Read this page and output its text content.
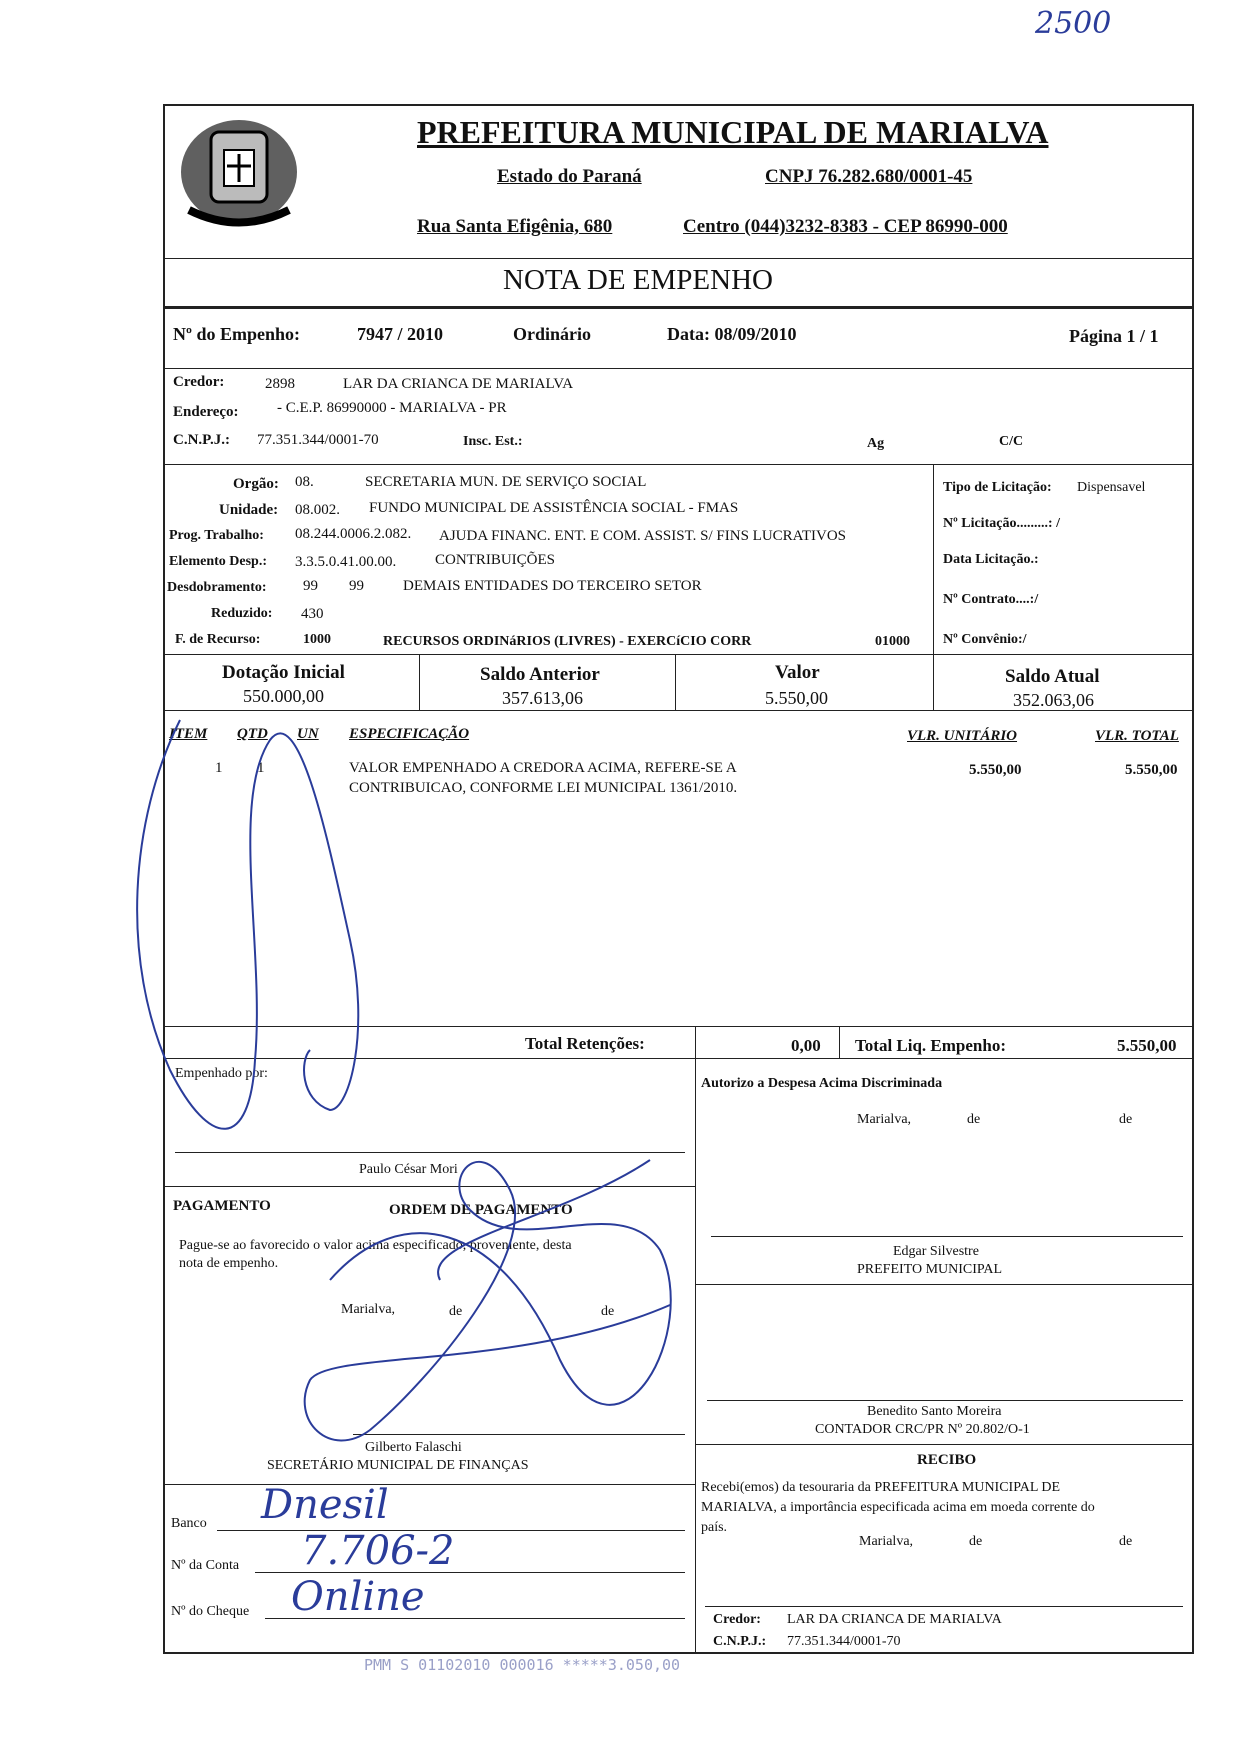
2500
PREFEITURA MUNICIPAL DE MARIALVA
Estado do Paraná	CNPJ 76.282.680/0001-45
Rua Santa Efigênia, 680	Centro (044)3232-8383 - CEP 86990-000
NOTA DE EMPENHO
Nº do Empenho:	7947 / 2010	Ordinário	Data: 08/09/2010	Página 1 / 1
Credor:	2898	LAR DA CRIANCA DE MARIALVA
Endereço:	- C.E.P. 86990000 - MARIALVA - PR
C.N.P.J.: 77.351.344/0001-70	Insc. Est.:	Ag	C/C
Orgão: 08.	SECRETARIA MUN. DE SERVIÇO SOCIAL
Unidade: 08.002. FUNDO MUNICIPAL DE ASSISTÊNCIA SOCIAL - FMAS
Prog. Trabalho: 08.244.0006.2.082. AJUDA FINANC. ENT. E COM. ASSIST. S/ FINS LUCRATIVOS
Elemento Desp.: 3.3.5.0.41.00.00.	CONTRIBUIÇÕES
Desdobramento: 99 99	DEMAIS ENTIDADES DO TERCEIRO SETOR
Reduzido: 430
F. de Recurso:	1000	RECURSOS ORDINáRIOS (LIVRES) - EXERCíCIO CORR	01000
Tipo de Licitação: Dispensavel
Nº Licitação.........: /
Data Licitação.:
Nº Contrato....:/
Nº Convênio:/
Dotação Inicial
550.000,00
Saldo Anterior
357.613,06
Valor
5.550,00
Saldo Atual
352.063,06
ITEM QTD UN ESPECIFICAÇÃO	VLR. UNITÁRIO	VLR. TOTAL
1 1	VALOR EMPENHADO A CREDORA ACIMA, REFERE-SE A
CONTRIBUICAO, CONFORME LEI MUNICIPAL 1361/2010.
5.550,00	5.550,00
Total Retenções:	0,00 Total Liq. Empenho:	5.550,00
Empenhado por:
Paulo César Mori
PAGAMENTO	ORDEM DE PAGAMENTO
Pague-se ao favorecido o valor acima especificado, proveniente, desta
nota de empenho.
Marialva,	de	de
Gilberto Falaschi
SECRETÁRIO MUNICIPAL DE FINANÇAS
Banco Dnesil
Nº da Conta 7.706-2
Nº do Cheque Online
Autorizo a Despesa Acima Discriminada
Marialva,	de	de
Edgar Silvestre
PREFEITO MUNICIPAL
Benedito Santo Moreira
CONTADOR CRC/PR Nº 20.802/O-1
RECIBO
Recebi(emos) da tesouraria da PREFEITURA MUNICIPAL DE
MARIALVA, a importância especificada acima em moeda corrente do
país.
Marialva,	de	de
Credor: LAR DA CRIANCA DE MARIALVA
C.N.P.J.: 77.351.344/0001-70
PMM S 01102010 000016 *****3.050,00
